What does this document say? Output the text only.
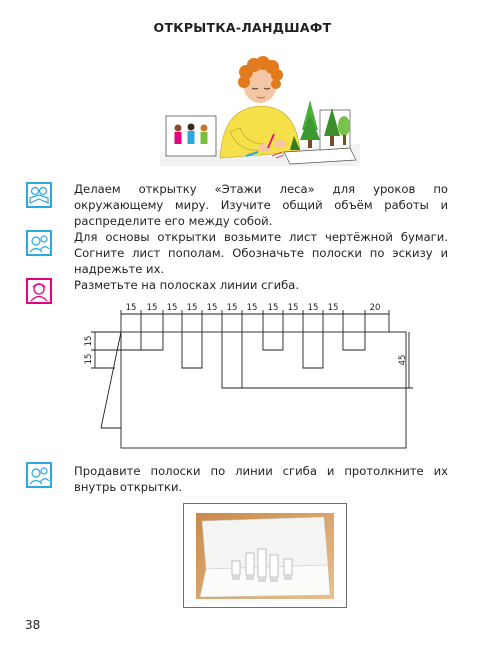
ОТКРЫТКА-ЛАНДШАФТ
Делаем открытку «Этажи леса» для уроков по окружающему миру. Изучите общий объём работы и распределите его между собой.
Для основы открытки возьмите лист чертёжной бумаги. Согните лист пополам. Обозначьте полоски по эскизу и надрежьте их.
Разметьте на полосках линии сгиба.
Продавите полоски по линии сгиба и протолкните их внутрь открытки.
15 15 15 15 15 15 15 15 15 15 15	20
15
15	45
38
